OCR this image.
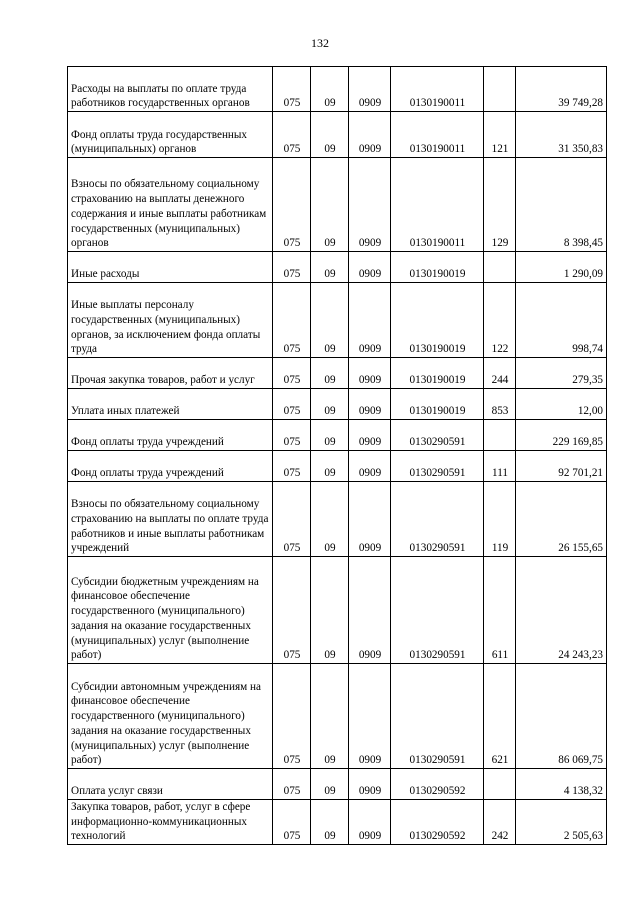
132
Расходы на выплаты по оплате труда работников государственных органов	075	09	0909	0130190011		39 749,28
Фонд оплаты труда государственных (муниципальных) органов	075	09	0909	0130190011	121	31 350,83
Взносы по обязательному социальному страхованию на выплаты денежного содержания и иные выплаты работникам государственных (муниципальных) органов	075	09	0909	0130190011	129	8 398,45
Иные расходы	075	09	0909	0130190019		1 290,09
Иные выплаты персоналу государственных (муниципальных) органов, за исключением фонда оплаты труда	075	09	0909	0130190019	122	998,74
Прочая закупка товаров, работ и услуг	075	09	0909	0130190019	244	279,35
Уплата иных платежей	075	09	0909	0130190019	853	12,00
Фонд оплаты труда учреждений	075	09	0909	0130290591		229 169,85
Фонд оплаты труда учреждений	075	09	0909	0130290591	111	92 701,21
Взносы по обязательному социальному страхованию на выплаты по оплате труда работников и иные выплаты работникам учреждений	075	09	0909	0130290591	119	26 155,65
Субсидии бюджетным учреждениям на финансовое обеспечение государственного (муниципального) задания на оказание государственных (муниципальных) услуг (выполнение работ)	075	09	0909	0130290591	611	24 243,23
Субсидии автономным учреждениям на финансовое обеспечение государственного (муниципального) задания на оказание государственных (муниципальных) услуг (выполнение работ)	075	09	0909	0130290591	621	86 069,75
Оплата услуг связи	075	09	0909	0130290592		4 138,32
Закупка товаров, работ, услуг в сфере информационно-коммуникационных технологий	075	09	0909	0130290592	242	2 505,63
